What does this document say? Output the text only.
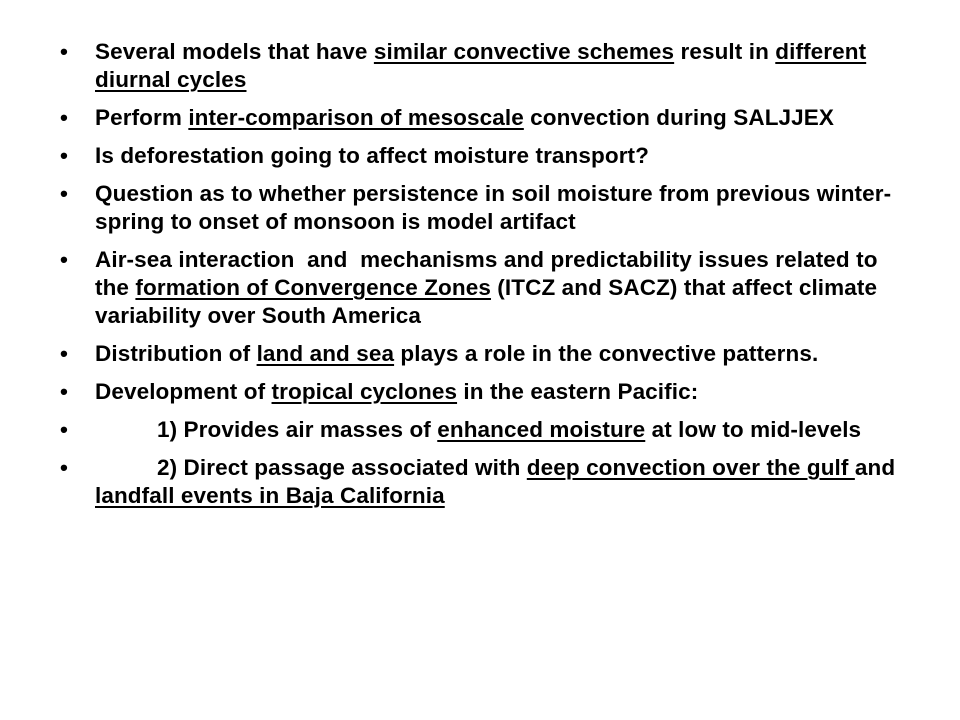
• Several models that have similar convective schemes result in different diurnal cycles
• Perform inter-comparison of mesoscale convection during SALJJEX
• Is deforestation going to affect moisture transport?
• Question as to whether persistence in soil moisture from previous winter-spring to onset of monsoon is model artifact
• Air-sea interaction  and  mechanisms and predictability issues related to the formation of Convergence Zones (ITCZ and SACZ) that affect climate variability over South America
• Distribution of land and sea plays a role in the convective patterns.
• Development of tropical cyclones in the eastern Pacific:
•	1) Provides air masses of enhanced moisture at low to mid-levels
•	2) Direct passage associated with deep convection over the gulf and landfall events in Baja California
